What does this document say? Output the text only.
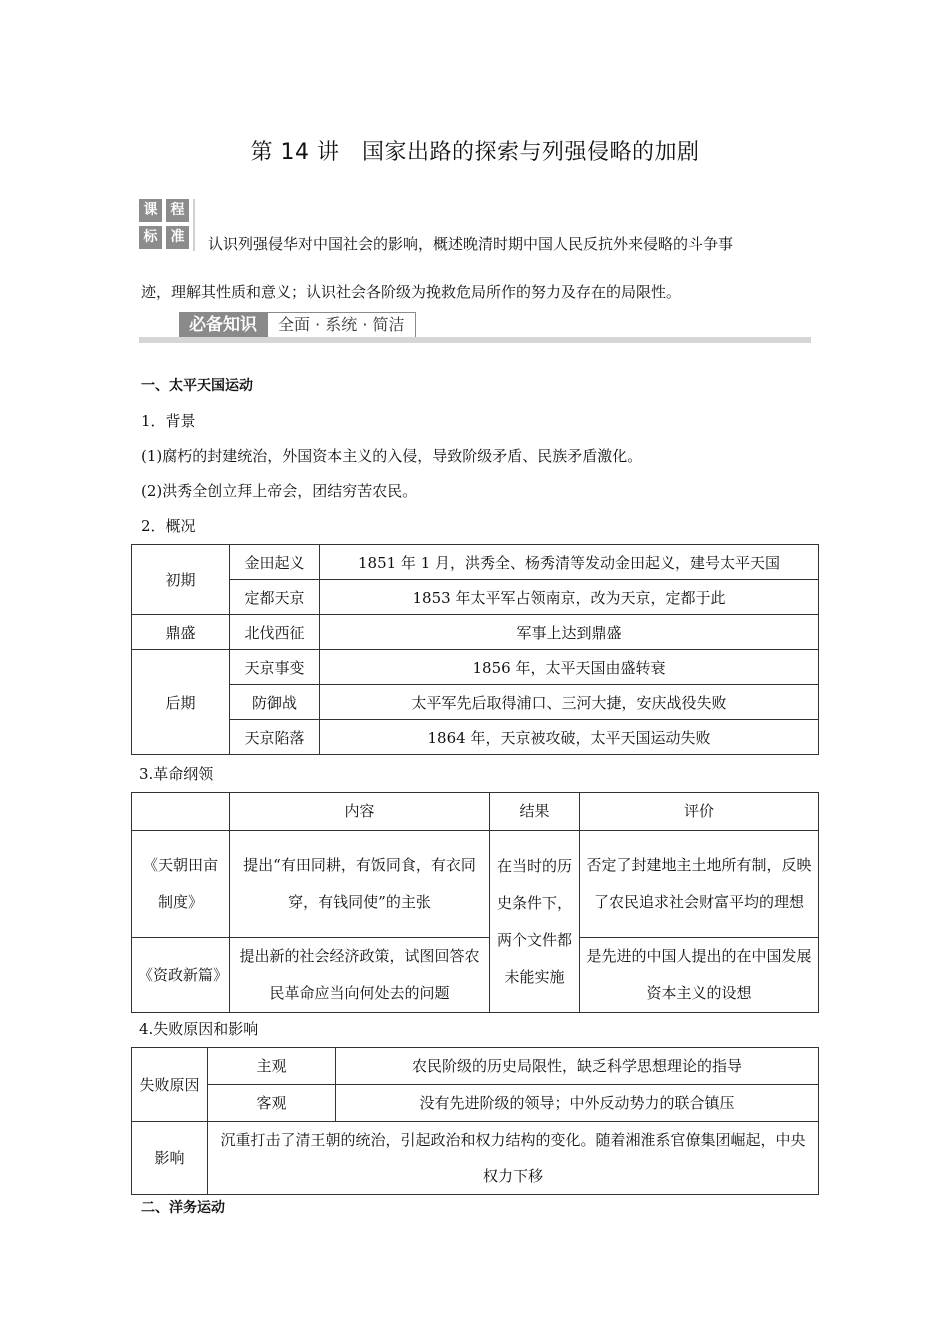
第 14 讲　国家出路的探索与列强侵略的加剧
课 程
标 准	认识列强侵华对中国社会的影响，概述晚清时期中国人民反抗外来侵略的斗争事
迹，理解其性质和意义；认识社会各阶级为挽救危局所作的努力及存在的局限性。
必备知识	全面 · 系统 · 简洁
一、太平天国运动
1．背景
(1)腐朽的封建统治，外国资本主义的入侵，导致阶级矛盾、民族矛盾激化。
(2)洪秀全创立拜上帝会，团结穷苦农民。
2．概况
初期	金田起义	1851 年 1 月，洪秀全、杨秀清等发动金田起义，建号太平天国
	定都天京	1853 年太平军占领南京，改为天京，定都于此
鼎盛	北伐西征	军事上达到鼎盛
后期	天京事变	1856 年，太平天国由盛转衰
	防御战	太平军先后取得浦口、三河大捷，安庆战役失败
	天京陷落	1864 年，天京被攻破，太平天国运动失败
3.革命纲领
	内容	结果	评价
《天朝田亩制度》	提出“有田同耕，有饭同食，有衣同穿，有钱同使”的主张	在当时的历史条件下，两个文件都未能实施	否定了封建地主土地所有制，反映了农民追求社会财富平均的理想
《资政新篇》	提出新的社会经济政策，试图回答农民革命应当向何处去的问题		是先进的中国人提出的在中国发展资本主义的设想
4.失败原因和影响
失败原因	主观	农民阶级的历史局限性，缺乏科学思想理论的指导
	客观	没有先进阶级的领导；中外反动势力的联合镇压
影响	沉重打击了清王朝的统治，引起政治和权力结构的变化。随着湘淮系官僚集团崛起，中央权力下移	
二、洋务运动
